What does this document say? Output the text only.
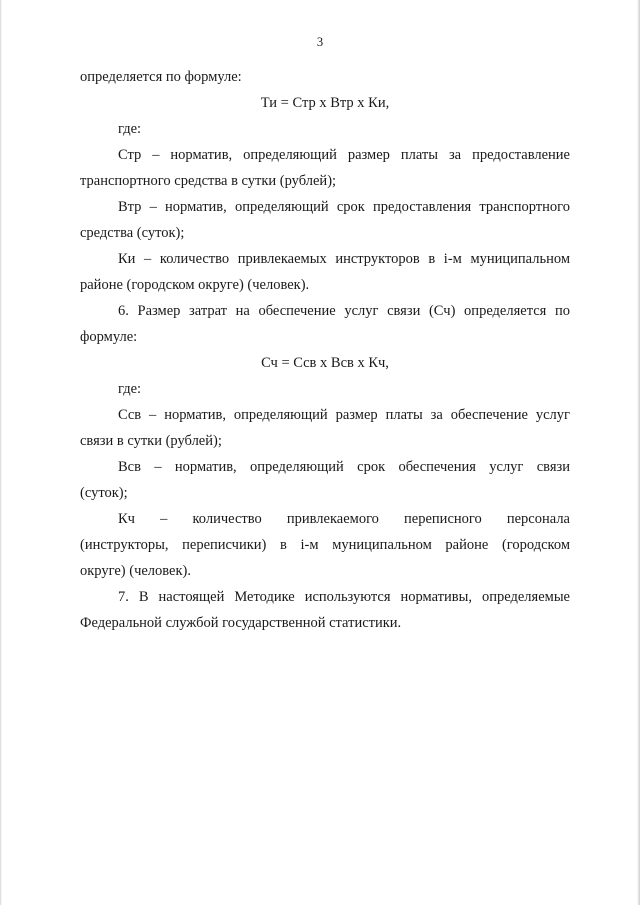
3
определяется по формуле:
Ти = Стр x Втр x Ки,
где:
Стр – норматив, определяющий размер платы за предоставление
транспортного средства в сутки (рублей);
Втр – норматив, определяющий срок предоставления транспортного
средства (суток);
Ки – количество привлекаемых инструкторов в i-м муниципальном
районе (городском округе) (человек).
6. Размер затрат на обеспечение услуг связи (Сч) определяется по
формуле:
Сч = Ссв x Всв x Кч,
где:
Ссв – норматив, определяющий размер платы за обеспечение услуг
связи в сутки (рублей);
Всв – норматив, определяющий срок обеспечения услуг связи
(суток);
Кч – количество привлекаемого переписного персонала
(инструкторы, переписчики) в i-м муниципальном районе (городском
округе) (человек).
7. В настоящей Методике используются нормативы, определяемые
Федеральной службой государственной статистики.
